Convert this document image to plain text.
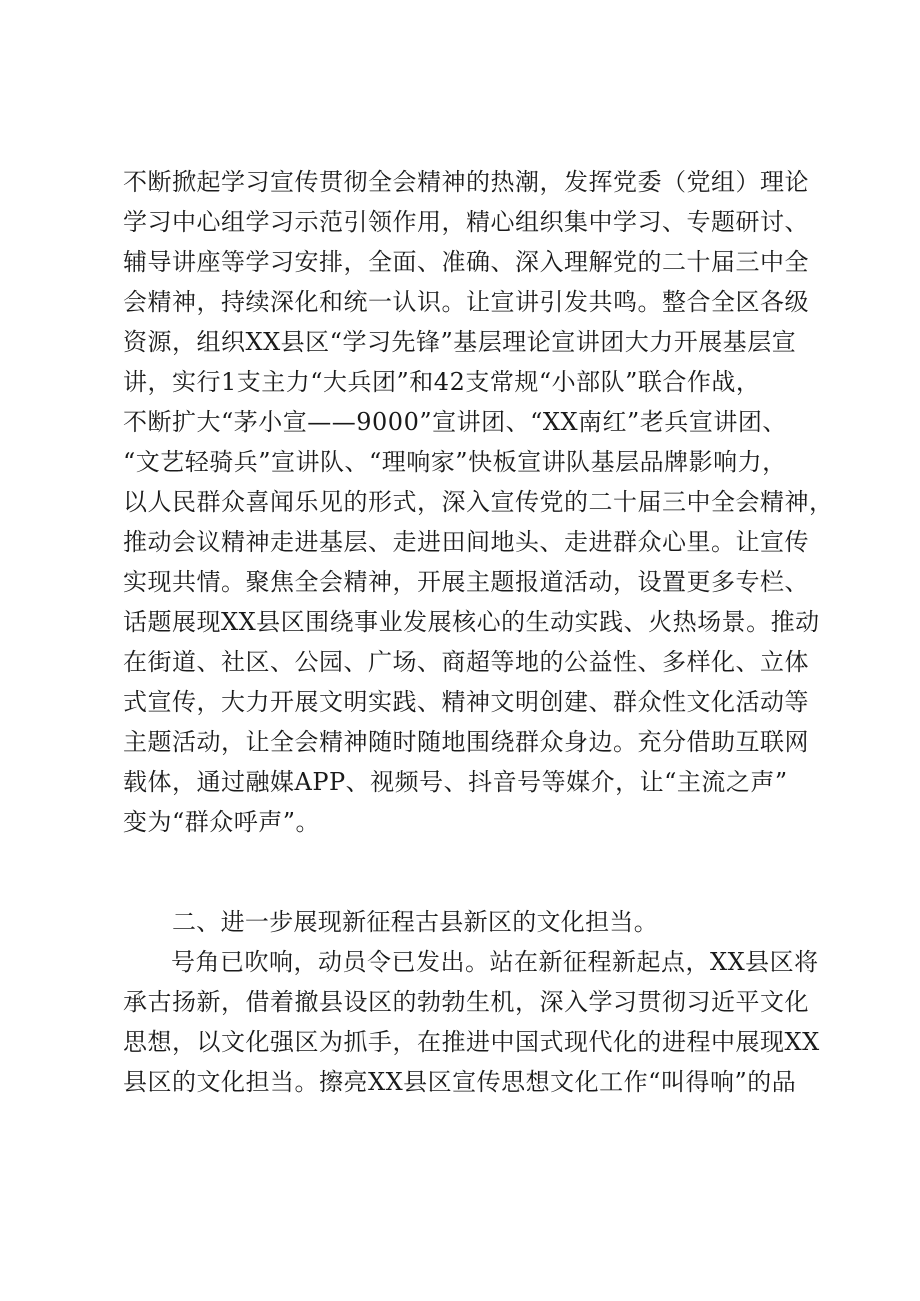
不断掀起学习宣传贯彻全会精神的热潮，发挥党委（党组）理论
学习中心组学习示范引领作用，精心组织集中学习、专题研讨、
辅导讲座等学习安排，全面、准确、深入理解党的二十届三中全
会精神，持续深化和统一认识。让宣讲引发共鸣。整合全区各级
资源，组织XX县区“学习先锋”基层理论宣讲团大力开展基层宣
讲，实行1支主力“大兵团”和42支常规“小部队”联合作战，
不断扩大“茅小宣——9000”宣讲团、“XX南红”老兵宣讲团、
“文艺轻骑兵”宣讲队、“理响家”快板宣讲队基层品牌影响力，
以人民群众喜闻乐见的形式，深入宣传党的二十届三中全会精神，
推动会议精神走进基层、走进田间地头、走进群众心里。让宣传
实现共情。聚焦全会精神，开展主题报道活动，设置更多专栏、
话题展现XX县区围绕事业发展核心的生动实践、火热场景。推动
在街道、社区、公园、广场、商超等地的公益性、多样化、立体
式宣传，大力开展文明实践、精神文明创建、群众性文化活动等
主题活动，让全会精神随时随地围绕群众身边。充分借助互联网
载体，通过融媒APP、视频号、抖音号等媒介，让“主流之声”
变为“群众呼声”。
二、进一步展现新征程古县新区的文化担当。
号角已吹响，动员令已发出。站在新征程新起点，XX县区将
承古扬新，借着撤县设区的勃勃生机，深入学习贯彻习近平文化
思想，以文化强区为抓手，在推进中国式现代化的进程中展现XX
县区的文化担当。擦亮XX县区宣传思想文化工作“叫得响”的品
